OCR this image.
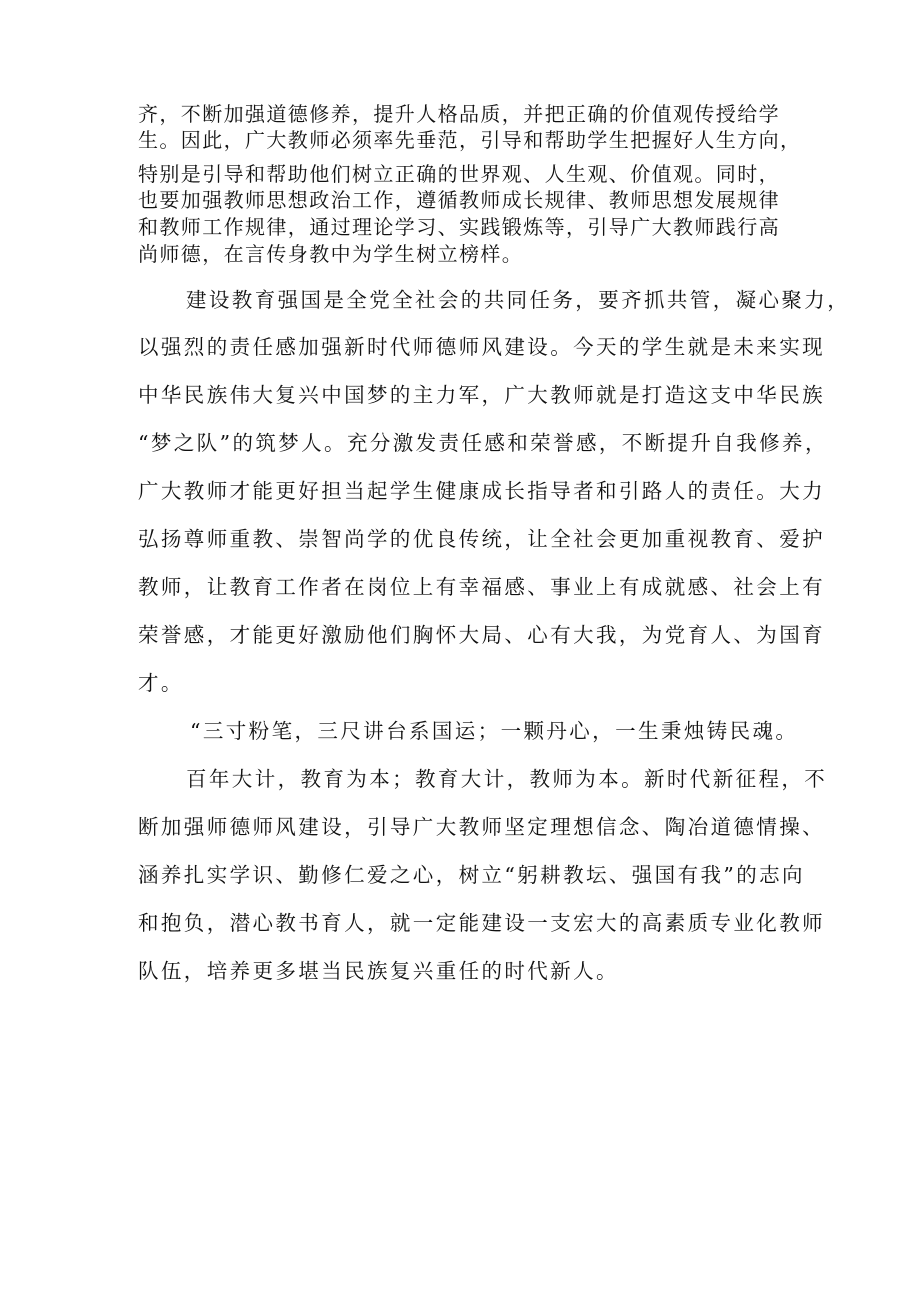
齐，不断加强道德修养，提升人格品质，并把正确的价值观传授给学
生。因此，广大教师必须率先垂范，引导和帮助学生把握好人生方向，
特别是引导和帮助他们树立正确的世界观、人生观、价值观。同时，
也要加强教师思想政治工作，遵循教师成长规律、教师思想发展规律
和教师工作规律，通过理论学习、实践锻炼等，引导广大教师践行高
尚师德，在言传身教中为学生树立榜样。
建设教育强国是全党全社会的共同任务，要齐抓共管，凝心聚力，
以强烈的责任感加强新时代师德师风建设。今天的学生就是未来实现
中华民族伟大复兴中国梦的主力军，广大教师就是打造这支中华民族
“梦之队”的筑梦人。充分激发责任感和荣誉感，不断提升自我修养，
广大教师才能更好担当起学生健康成长指导者和引路人的责任。大力
弘扬尊师重教、崇智尚学的优良传统，让全社会更加重视教育、爱护
教师，让教育工作者在岗位上有幸福感、事业上有成就感、社会上有
荣誉感，才能更好激励他们胸怀大局、心有大我，为党育人、为国育
才。
“三寸粉笔，三尺讲台系国运；一颗丹心，一生秉烛铸民魂。
百年大计，教育为本；教育大计，教师为本。新时代新征程，不
断加强师德师风建设，引导广大教师坚定理想信念、陶冶道德情操、
涵养扎实学识、勤修仁爱之心，树立“躬耕教坛、强国有我”的志向
和抱负，潜心教书育人，就一定能建设一支宏大的高素质专业化教师
队伍，培养更多堪当民族复兴重任的时代新人。
